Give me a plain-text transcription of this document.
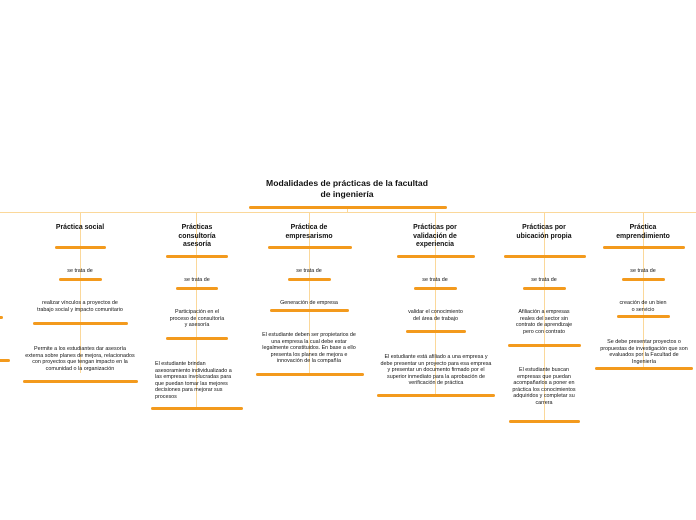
Modalidades de prácticas de la facultad de ingeniería
Práctica social
se trata de
realizar vínculos a proyectos de trabajo social y impacto comunitario
Permite a los estudiantes dar asesoría externa sobre planes de mejora, relacionados con proyectos que tengan impacto en la comunidad o la organización
Prácticas consultoría asesoría
se trata de
Participación en el proceso de consultoría y asesoría
El estudiante brindan asesoramiento individualizado a las empresas involucradas para que puedan tomar las mejores decisiones para mejorar sus procesos
Práctica de empresarismo
se trata de
Generación de empresa
El estudiante deben ser propietarios de una empresa la cual debe estar legalmente constituidos. En base a ello presenta los planes de mejora e innovación de la compañía
Prácticas por validación de experiencia
se trata de
validar el conocimiento del área de trabajo
El estudiante está afiliado a una empresa y debe presentar un proyecto para esa empresa y presentar un documento firmado por el superior inmediato para la aprobación de verificación de práctica
Prácticas por ubicación propia
se trata de
Afiliación a empresas reales del sector sin contrato de aprendizaje pero con contrato
El estudiante buscan empresas que puedan acompañarlos a poner en práctica los conocimientos adquiridos y completar su carrera
Práctica emprendimiento
se trata de
creación de un bien o servicio
Se debe presentar proyectos o propuestas de investigación que son evaluados por la Facultad de Ingeniería
